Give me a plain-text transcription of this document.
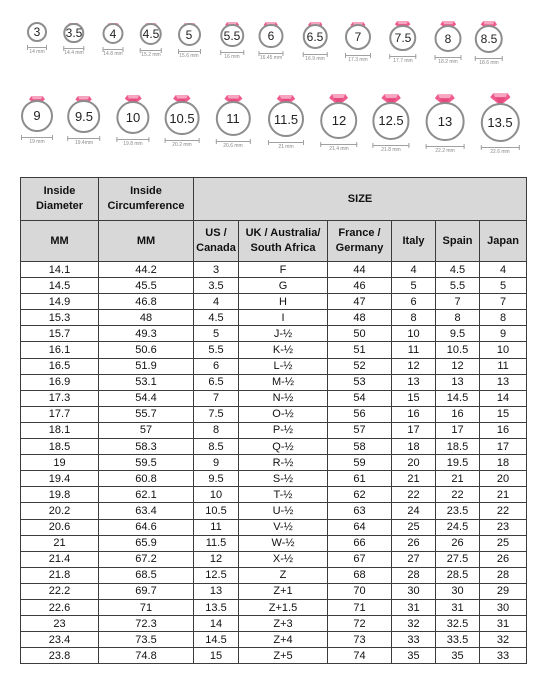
3
14 mm
3.5
14.4 mm
4
14.8 mm
4.5
15.2 mm
5
15.6 mm
5.5
16 mm
6
16.45 mm
6.5
16.9 mm
7
17.3 mm
7.5
17.7 mm
8
18.2 mm
8.5
18.6 mm
9
19 mm
9.5
19.4mm
10
19.8 mm
10.5
20.2 mm
11
20.6 mm
11.5
21 mm
12
21.4 mm
12.5
21.8 mm
13
22.2 mm
13.5
22.6 mm
Inside Diameter	Inside Circumference	SIZE					
MM	MM	US / Canada	UK / Australia/ South Africa	France / Germany	Italy	Spain	Japan
14.1	44.2	3	F	44	4	4.5	4
14.5	45.5	3.5	G	46	5	5.5	5
14.9	46.8	4	H	47	6	7	7
15.3	48	4.5	I	48	8	8	8
15.7	49.3	5	J-½	50	10	9.5	9
16.1	50.6	5.5	K-½	51	11	10.5	10
16.5	51.9	6	L-½	52	12	12	11
16.9	53.1	6.5	M-½	53	13	13	13
17.3	54.4	7	N-½	54	15	14.5	14
17.7	55.7	7.5	O-½	56	16	16	15
18.1	57	8	P-½	57	17	17	16
18.5	58.3	8.5	Q-½	58	18	18.5	17
19	59.5	9	R-½	59	20	19.5	18
19.4	60.8	9.5	S-½	61	21	21	20
19.8	62.1	10	T-½	62	22	22	21
20.2	63.4	10.5	U-½	63	24	23.5	22
20.6	64.6	11	V-½	64	25	24.5	23
21	65.9	11.5	W-½	66	26	26	25
21.4	67.2	12	X-½	67	27	27.5	26
21.8	68.5	12.5	Z	68	28	28.5	28
22.2	69.7	13	Z+1	70	30	30	29
22.6	71	13.5	Z+1.5	71	31	31	30
23	72.3	14	Z+3	72	32	32.5	31
23.4	73.5	14.5	Z+4	73	33	33.5	32
23.8	74.8	15	Z+5	74	35	35	33
